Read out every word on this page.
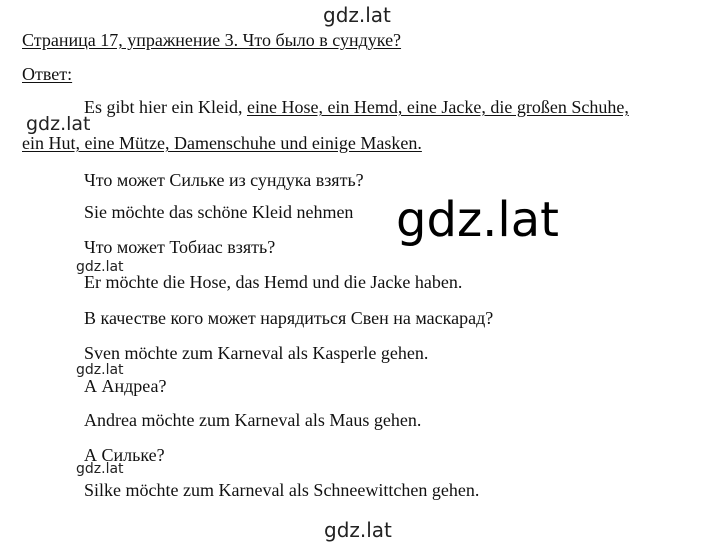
gdz.lat
Страница 17, упражнение 3. Что было в сундуке?
Ответ:
Es gibt hier ein Kleid, eine Hose, ein Hemd, eine Jacke, die großen Schuhe,
ein Hut, eine Mütze, Damenschuhe und einige Masken.
gdz.lat
Что может Сильке из сундука взять?
Sie möchte das schöne Kleid nehmen gdz.lat
Что может Тобиас взять?
gdz.lat
Er möchte die Hose, das Hemd und die Jacke haben.
В качестве кого может нарядиться Свен на маскарад?
Sven möchte zum Karneval als Kasperle gehen.
gdz.lat
А Андреа?
Andrea möchte zum Karneval als Maus gehen.
А Сильке?
gdz.lat
Silke möchte zum Karneval als Schneewittchen gehen.
gdz.lat
